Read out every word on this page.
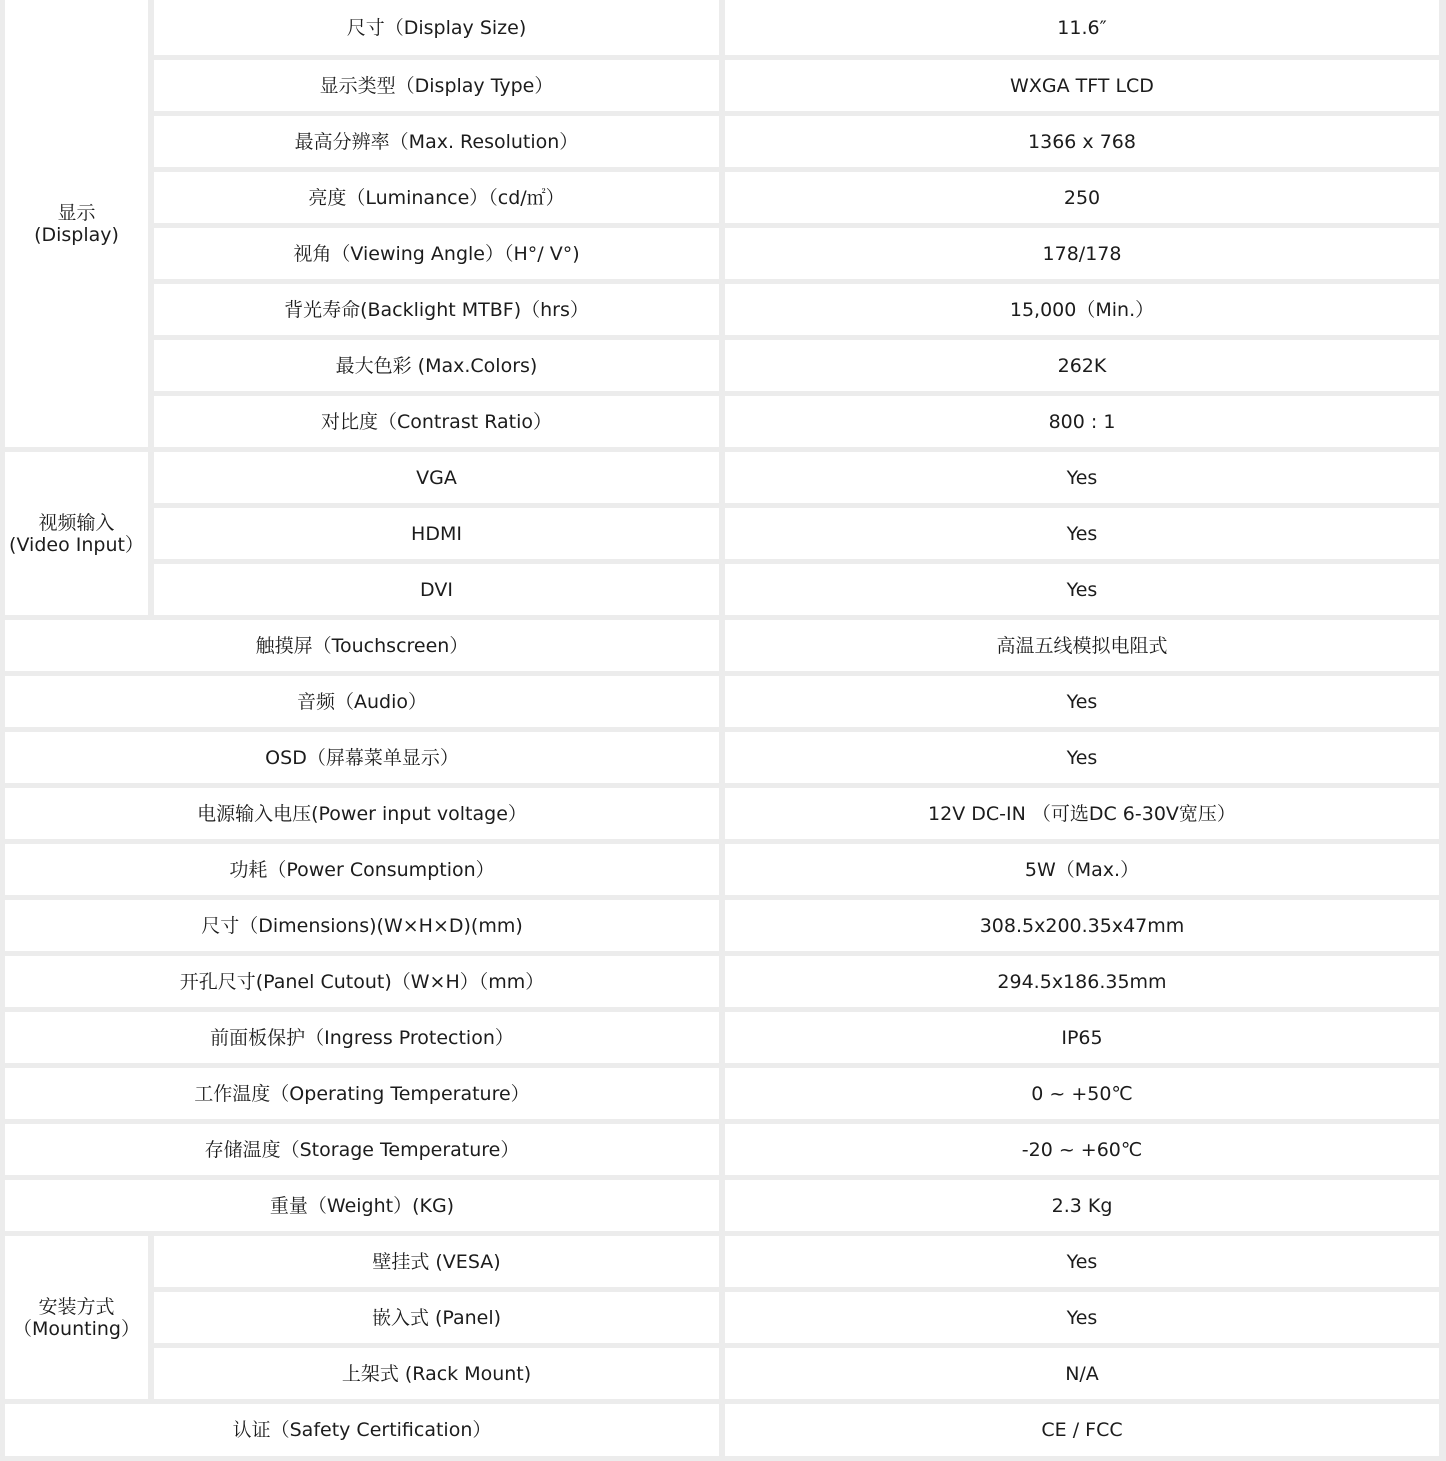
显示
(Display)
尺寸（Display Size)	11.6″
显示类型（Display Type）	WXGA TFT LCD
最高分辨率（Max. Resolution）	1366 x 768
亮度（Luminance）（cd/㎡）	250
视角（Viewing Angle）（H°/ V°)	178/178
背光寿命(Backlight MTBF)（hrs）	15,000（Min.）
最大色彩 (Max.Colors)	262K
对比度（Contrast Ratio）	800 : 1
视频输入
(Video Input）
VGA	Yes
HDMI	Yes
DVI	Yes
触摸屏（Touchscreen）	高温五线模拟电阻式
音频（Audio）	Yes
OSD（屏幕菜单显示）	Yes
电源输入电压(Power input voltage）	12V DC-IN （可选DC 6-30V宽压）
功耗（Power Consumption）	5W（Max.）
尺寸（Dimensions)(W×H×D)(mm)	308.5x200.35x47mm
开孔尺寸(Panel Cutout)（W×H）（mm）	294.5x186.35mm
前面板保护（Ingress Protection）	IP65
工作温度（Operating Temperature）	0 ~ +50℃
存储温度（Storage Temperature）	-20 ~ +60℃
重量（Weight）(KG)	2.3 Kg
安装方式
（Mounting）
壁挂式 (VESA)	Yes
嵌入式 (Panel)	Yes
上架式 (Rack Mount)	N/A
认证（Safety Certification）	CE / FCC
